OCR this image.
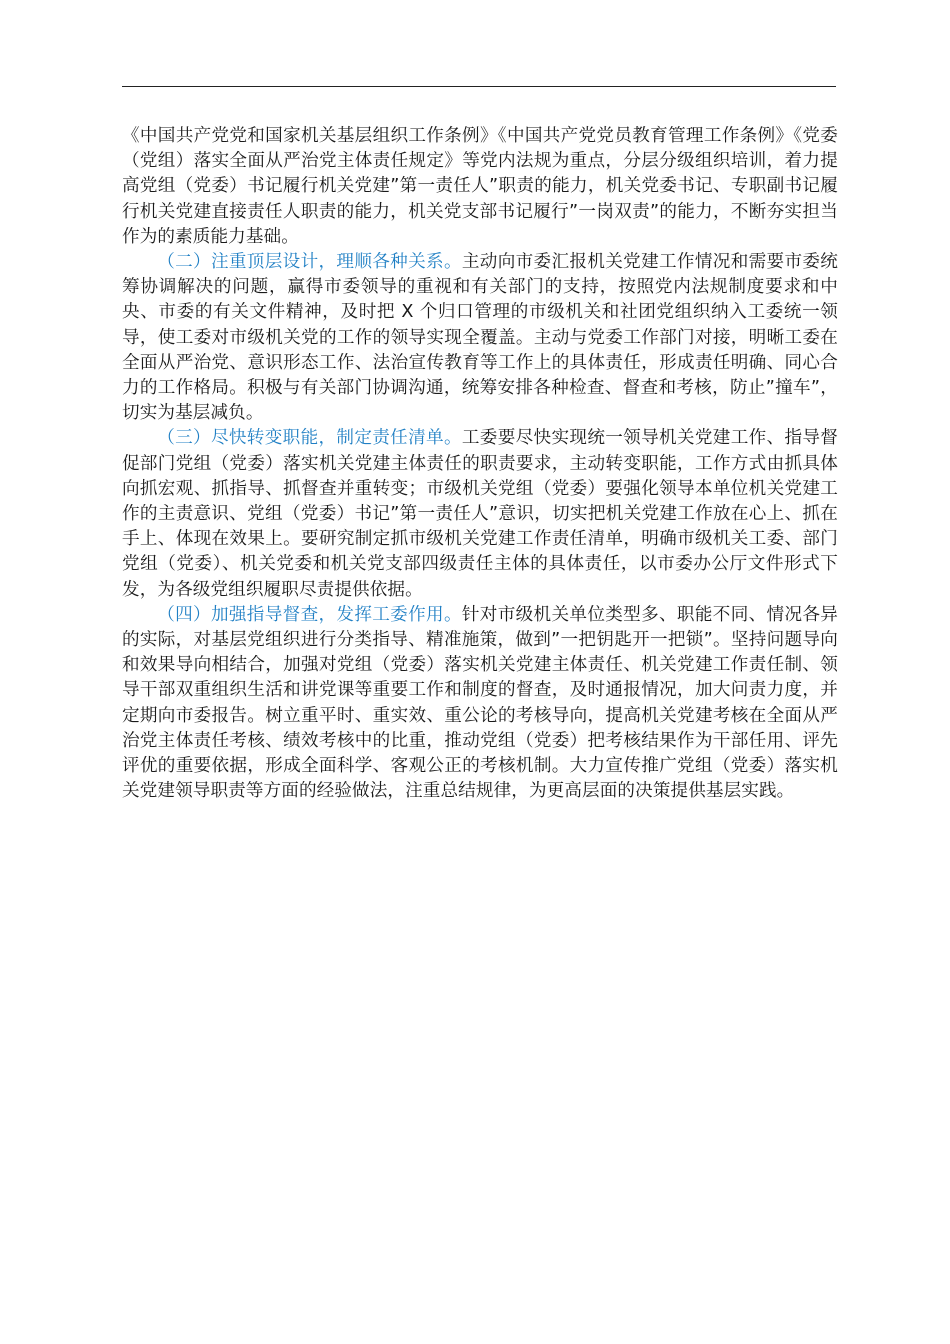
《中国共产党党和国家机关基层组织工作条例》《中国共产党党员教育管理工作条例》《党委（党组）落实全面从严治党主体责任规定》等党内法规为重点，分层分级组织培训，着力提高党组（党委）书记履行机关党建”第一责任人”职责的能力，机关党委书记、专职副书记履行机关党建直接责任人职责的能力，机关党支部书记履行”一岗双责”的能力，不断夯实担当作为的素质能力基础。

（二）注重顶层设计，理顺各种关系。主动向市委汇报机关党建工作情况和需要市委统筹协调解决的问题，赢得市委领导的重视和有关部门的支持，按照党内法规制度要求和中央、市委的有关文件精神，及时把 X 个归口管理的市级机关和社团党组织纳入工委统一领导，使工委对市级机关党的工作的领导实现全覆盖。主动与党委工作部门对接，明晰工委在全面从严治党、意识形态工作、法治宣传教育等工作上的具体责任，形成责任明确、同心合力的工作格局。积极与有关部门协调沟通，统筹安排各种检查、督查和考核，防止”撞车”，切实为基层减负。

（三）尽快转变职能，制定责任清单。工委要尽快实现统一领导机关党建工作、指导督促部门党组（党委）落实机关党建主体责任的职责要求，主动转变职能，工作方式由抓具体向抓宏观、抓指导、抓督查并重转变；市级机关党组（党委）要强化领导本单位机关党建工作的主责意识、党组（党委）书记”第一责任人”意识，切实把机关党建工作放在心上、抓在手上、体现在效果上。要研究制定抓市级机关党建工作责任清单，明确市级机关工委、部门党组（党委）、机关党委和机关党支部四级责任主体的具体责任，以市委办公厅文件形式下发，为各级党组织履职尽责提供依据。

（四）加强指导督查，发挥工委作用。针对市级机关单位类型多、职能不同、情况各异的实际，对基层党组织进行分类指导、精准施策，做到”一把钥匙开一把锁”。坚持问题导向和效果导向相结合，加强对党组（党委）落实机关党建主体责任、机关党建工作责任制、领导干部双重组织生活和讲党课等重要工作和制度的督查，及时通报情况，加大问责力度，并定期向市委报告。树立重平时、重实效、重公论的考核导向，提高机关党建考核在全面从严治党主体责任考核、绩效考核中的比重，推动党组（党委）把考核结果作为干部任用、评先评优的重要依据，形成全面科学、客观公正的考核机制。大力宣传推广党组（党委）落实机关党建领导职责等方面的经验做法，注重总结规律，为更高层面的决策提供基层实践。
